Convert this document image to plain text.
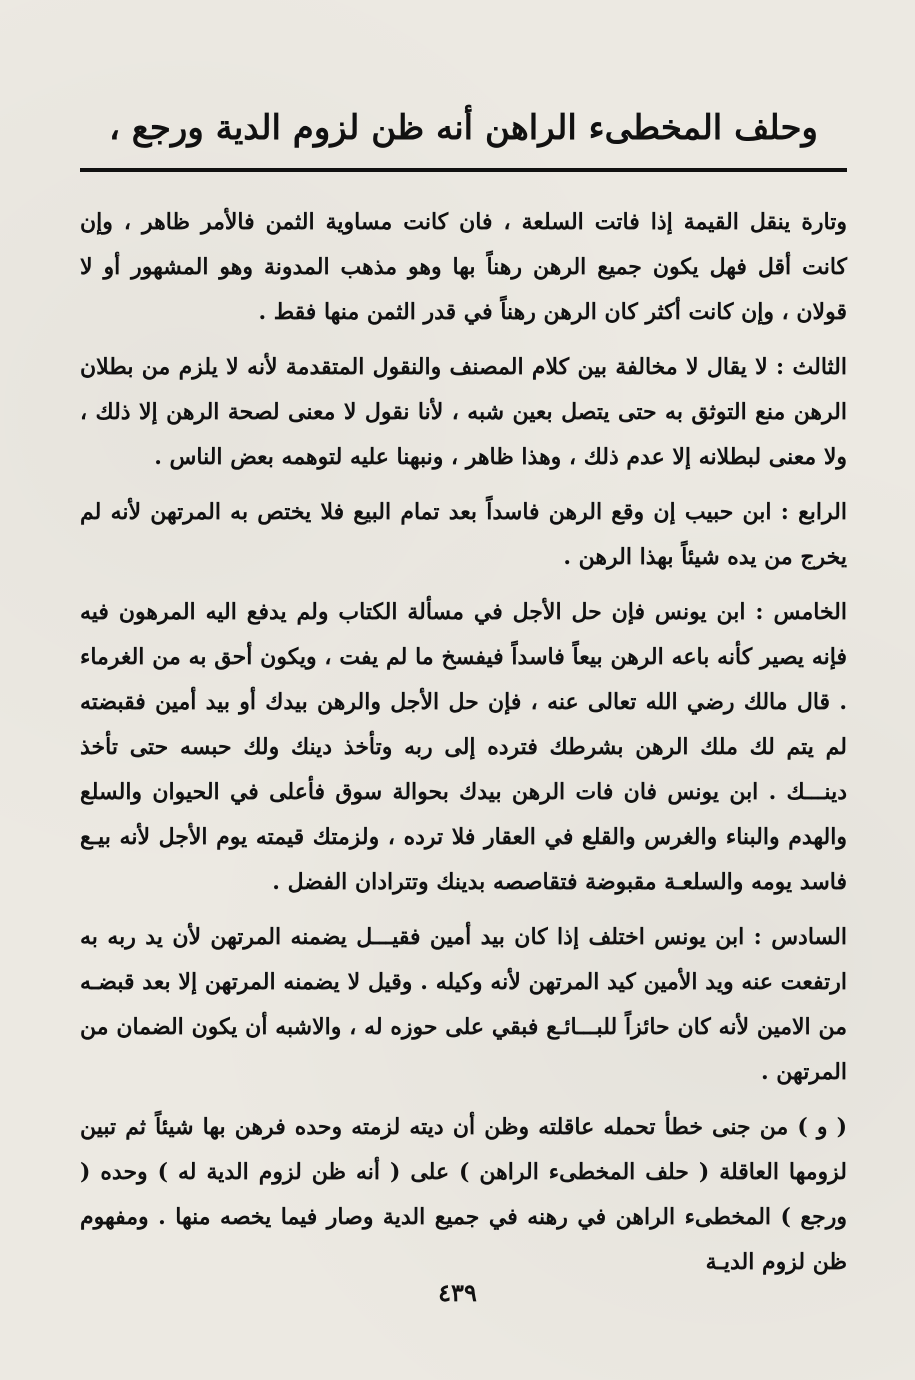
وحلف المخطىء الراهن أنه ظن لزوم الدية ورجع ،

وتارة ينقل القيمة إذا فاتت السلعة ، فان كانت مساوية الثمن فالأمر ظاهر ، وإن كانت أقل فهل يكون جميع الرهن رهناً بها وهو مذهب المدونة وهو المشهور أو لا قولان ، وإن كانت أكثر كان الرهن رهناً في قدر الثمن منها فقط .

الثالث : لا يقال لا مخالفة بين كلام المصنف والنقول المتقدمة لأنه لا يلزم من بطلان الرهن منع التوثق به حتى يتصل بعين شبه ، لأنا نقول لا معنى لصحة الرهن إلا ذلك ، ولا معنى لبطلانه إلا عدم ذلك ، وهذا ظاهر ، ونبهنا عليه لتوهمه بعض الناس .

الرابع : ابن حبيب إن وقع الرهن فاسداً بعد تمام البيع فلا يختص به المرتهن لأنه لم يخرج من يده شيئاً بهذا الرهن .

الخامس : ابن يونس فإن حل الأجل في مسألة الكتاب ولم يدفع اليه المرهون فيه فإنه يصير كأنه باعه الرهن بيعاً فاسداً فيفسخ ما لم يفت ، ويكون أحق به من الغرماء . قال مالك رضي الله تعالى عنه ، فإن حل الأجل والرهن بيدك أو بيد أمين فقبضته لم يتم لك ملك الرهن بشرطك فترده إلى ربه وتأخذ دينك ولك حبسه حتى تأخذ دينـــك . ابن يونس فان فات الرهن بيدك بحوالة سوق فأعلى في الحيوان والسلع والهدم والبناء والغرس والقلع في العقار فلا ترده ، ولزمتك قيمته يوم الأجل لأنه بيـع فاسد يومه والسلعـة مقبوضة فتقاصصه بدينك وتترادان الفضل .

السادس : ابن يونس اختلف إذا كان بيد أمين فقيـــل يضمنه المرتهن لأن يد ربه به ارتفعت عنه ويد الأمين كيد المرتهن لأنه وكيله . وقيل لا يضمنه المرتهن إلا بعد قبضـه من الامين لأنه كان حائزاً للبـــائـع فبقي على حوزه له ، والاشبه أن يكون الضمان من المرتهن .

( و ) من جنى خطأ تحمله عاقلته وظن أن ديته لزمته وحده فرهن بها شيئاً ثم تبين لزومها العاقلة ( حلف المخطىء الراهن ) على ( أنه ظن لزوم الدية له ) وحده ( ورجع ) المخطىء الراهن في رهنه في جميع الدية وصار فيما يخصه منها . ومفهوم ظن لزوم الديـة

٤٣٩
